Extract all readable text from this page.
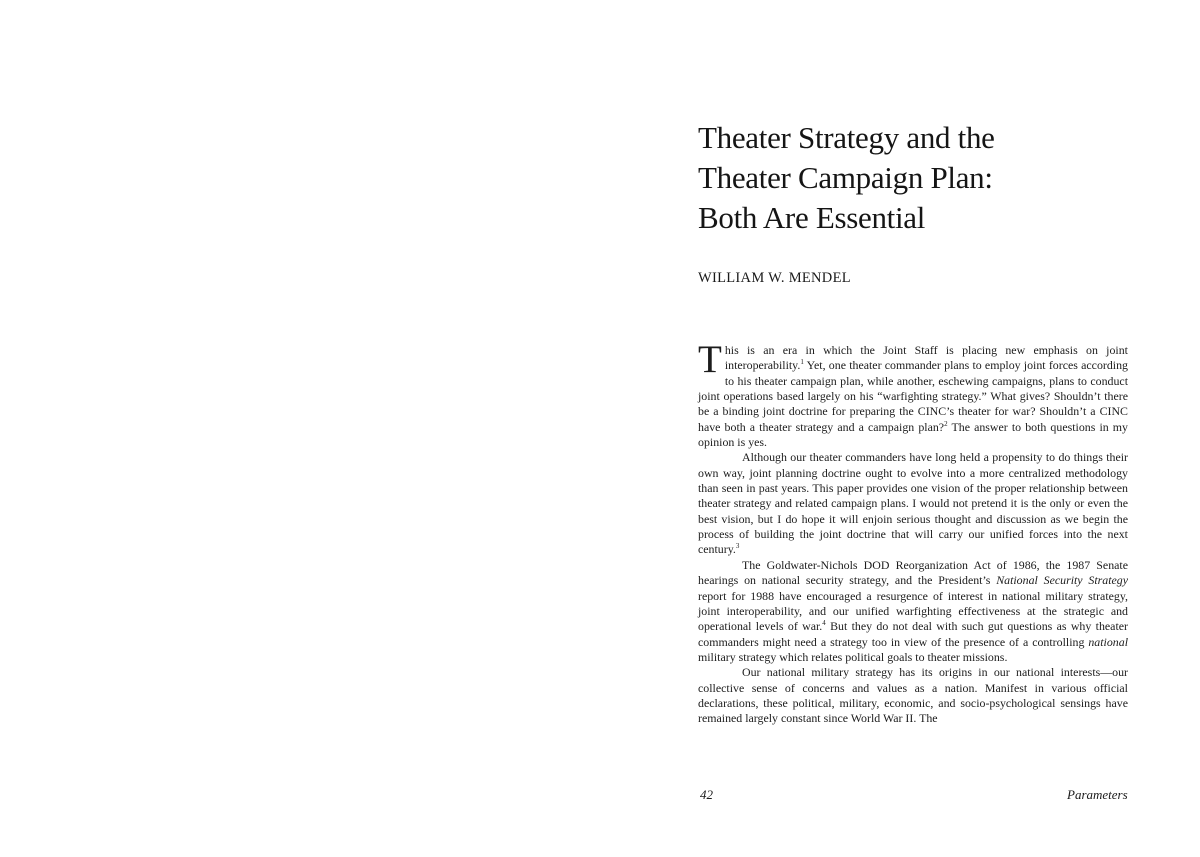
Theater Strategy and the
Theater Campaign Plan:
Both Are Essential
WILLIAM W. MENDEL

This is an era in which the Joint Staff is placing new emphasis on joint interoperability.$^1$ Yet, one theater commander plans to employ joint forces according to his theater campaign plan, while another, eschewing campaigns, plans to conduct joint operations based largely on his “warfighting strategy.” What gives? Shouldn’t there be a binding joint doctrine for preparing the CINC’s theater for war? Shouldn’t a CINC have both a theater strategy and a campaign plan?$^2$ The answer to both questions in my opinion is yes.

Although our theater commanders have long held a propensity to do things their own way, joint planning doctrine ought to evolve into a more centralized methodology than seen in past years. This paper provides one vision of the proper relationship between theater strategy and related campaign plans. I would not pretend it is the only or even the best vision, but I do hope it will enjoin serious thought and discussion as we begin the process of building the joint doctrine that will carry our unified forces into the next century.$^3$

The Goldwater-Nichols DOD Reorganization Act of 1986, the 1987 Senate hearings on national security strategy, and the President’s National Security Strategy report for 1988 have encouraged a resurgence of interest in national military strategy, joint interoperability, and our unified warfighting effectiveness at the strategic and operational levels of war.$^4$ But they do not deal with such gut questions as why theater commanders might need a strategy too in view of the presence of a controlling national military strategy which relates political goals to theater missions.

Our national military strategy has its origins in our national interests—our collective sense of concerns and values as a nation. Manifest in various official declarations, these political, military, economic, and socio-psychological sensings have remained largely constant since World War II. The

42	Parameters
